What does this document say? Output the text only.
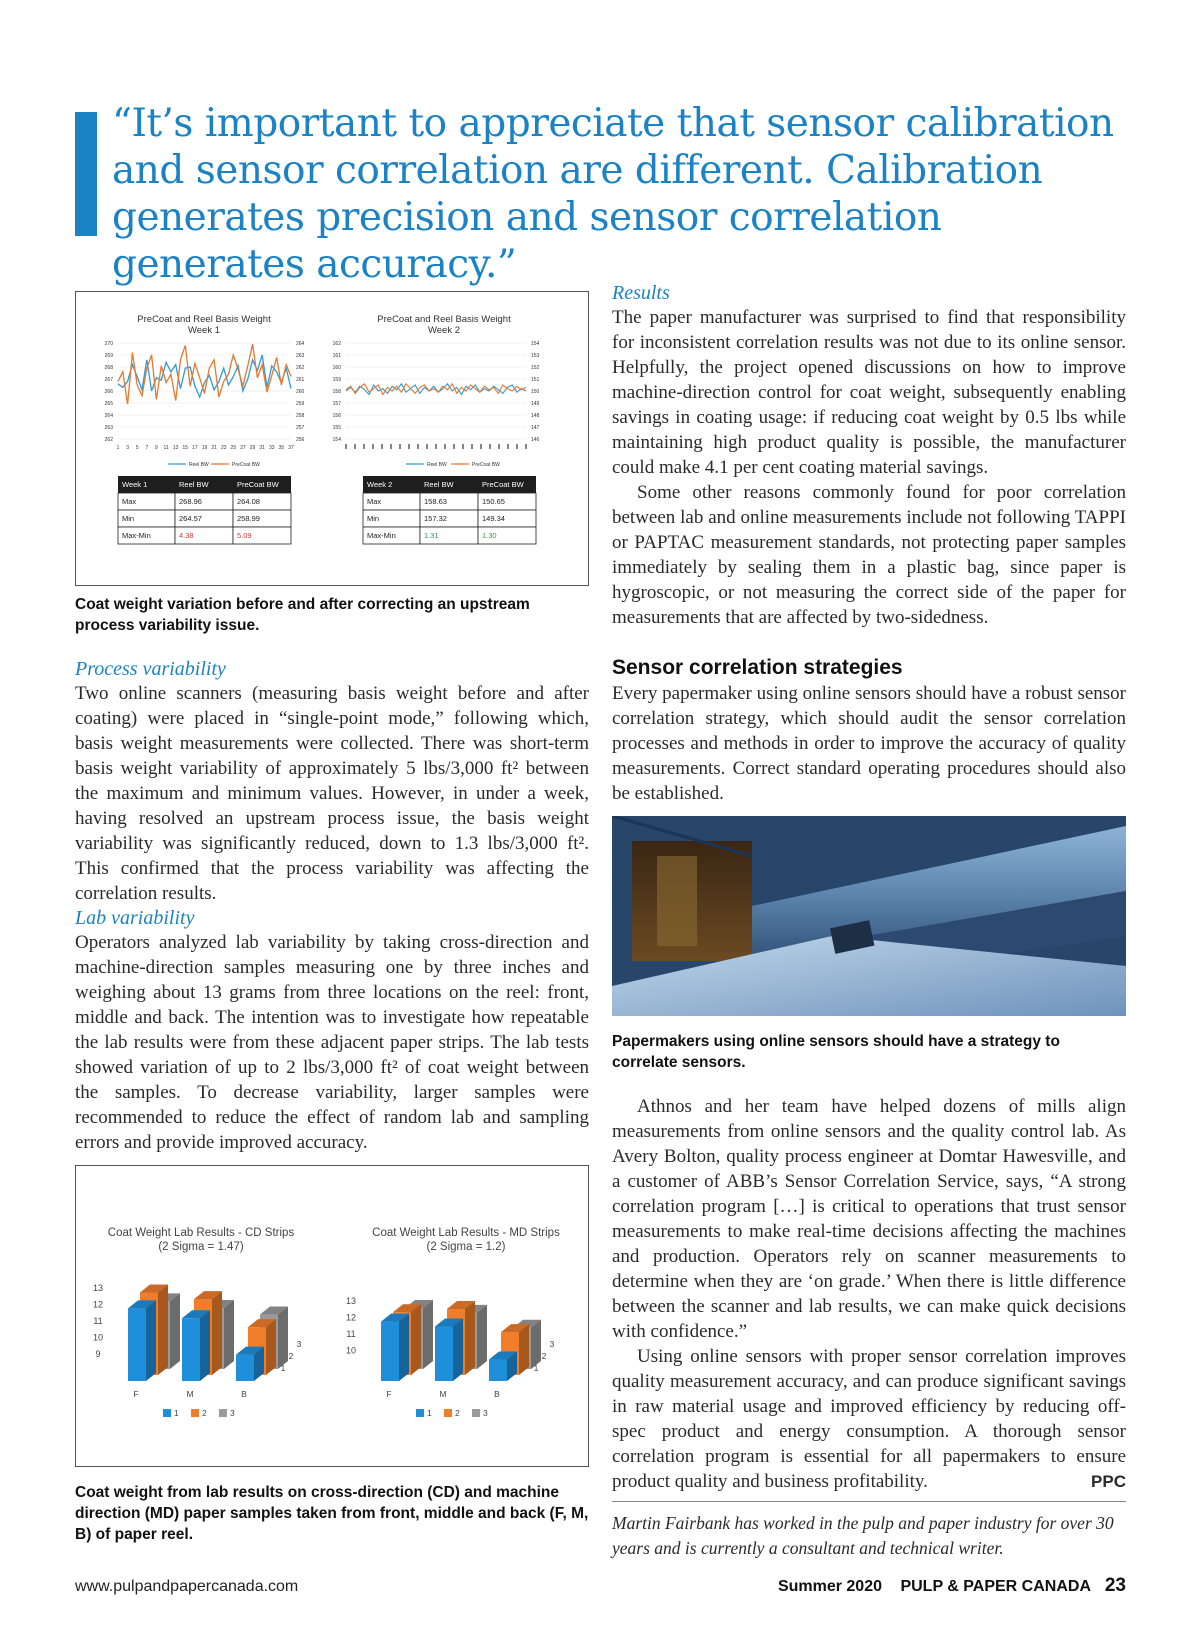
“It’s important to appreciate that sensor calibration and sensor correlation are different. Calibration generates precision and sensor correlation generates accuracy.”
PreCoat and Reel Basis Weight
Week 1
270
269
268
267
266
265
264
263
262
264
263
262
261
260
259
258
257
256
1 3 5 7 9 11 13 15 17 19 21 23 25 27 29 31 33 35 37
Reel BW	PreCoat BW
PreCoat and Reel Basis Weight
Week 2
162
161
160
159
158
157
156
155
154
154
153
152
151
150
149
148
147
146
Reel BW	PreCoat BW
Week 1	Reel BW	PreCoat BW
Max	268.96	264.08
Min	264.57	258.99
Max-Min	4.38	5.09
Week 2	Reel BW	PreCoat BW
Max	158.63	150.65
Min	157.32	149.34
Max-Min	1.31	1.30
Coat weight variation before and after correcting an upstream process variability issue.
Process variability

Two online scanners (measuring basis weight before and after coating) were placed in “single-point mode,” following which, basis weight measurements were collected. There was short-term basis weight variability of approximately 5 lbs/3,000 ft² between the maximum and minimum values. However, in under a week, having resolved an upstream process issue, the basis weight variability was significantly reduced, down to 1.3 lbs/3,000 ft². This confirmed that the process variability was affecting the correlation results.

Lab variability

Operators analyzed lab variability by taking cross-direction and machine-direction samples measuring one by three inches and weighing about 13 grams from three locations on the reel: front, middle and back. The intention was to investigate how repeatable the lab results were from these adjacent paper strips. The lab tests showed variation of up to 2 lbs/3,000 ft² of coat weight between the samples. To decrease variability, larger samples were recommended to reduce the effect of random lab and sampling errors and provide improved accuracy.

Coat Weight Lab Results - CD Strips
(2 Sigma = 1.47)
13
12
11
10
9
F	M	B
1
2
3
1	2	3
Coat Weight Lab Results - MD Strips
(2 Sigma = 1.2)
13
12
11
10
F	M	B
1
2
3
1	2	3
Coat weight from lab results on cross-direction (CD) and machine direction (MD) paper samples taken from front, middle and back (F, M, B) of paper reel.
Results

The paper manufacturer was surprised to find that responsibility for inconsistent correlation results was not due to its online sensor. Helpfully, the project opened discussions on how to improve machine-direction control for coat weight, subsequently enabling savings in coating usage: if reducing coat weight by 0.5 lbs while maintaining high product quality is possible, the manufacturer could make 4.1 per cent coating material savings.

Some other reasons commonly found for poor correlation between lab and online measurements include not following TAPPI or PAPTAC measurement standards, not protecting paper samples immediately by sealing them in a plastic bag, since paper is hygroscopic, or not measuring the correct side of the paper for measurements that are affected by two-sidedness.

Sensor correlation strategies

Every papermaker using online sensors should have a robust sensor correlation strategy, which should audit the sensor correlation processes and methods in order to improve the accuracy of quality measurements. Correct standard operating procedures should also be established.

Papermakers using online sensors should have a strategy to correlate sensors.

Athnos and her team have helped dozens of mills align measurements from online sensors and the quality control lab. As Avery Bolton, quality process engineer at Domtar Hawesville, and a customer of ABB’s Sensor Correlation Service, says, “A strong correlation program […] is critical to operations that trust sensor measurements to make real-time decisions affecting the machines and production. Operators rely on scanner measurements to determine when they are ‘on grade.’ When there is little difference between the scanner and lab results, we can make quick decisions with confidence.”

Using online sensors with proper sensor correlation improves quality measurement accuracy, and can produce significant savings in raw material usage and improved efficiency by reducing off-spec product and energy consumption. A thorough sensor correlation program is essential for all papermakers to ensure product quality and business profitability.	PPC

Martin Fairbank has worked in the pulp and paper industry for over 30 years and is currently a consultant and technical writer.
www.pulpandpapercanada.com	Summer 2020 PULP & PAPER CANADA 23
